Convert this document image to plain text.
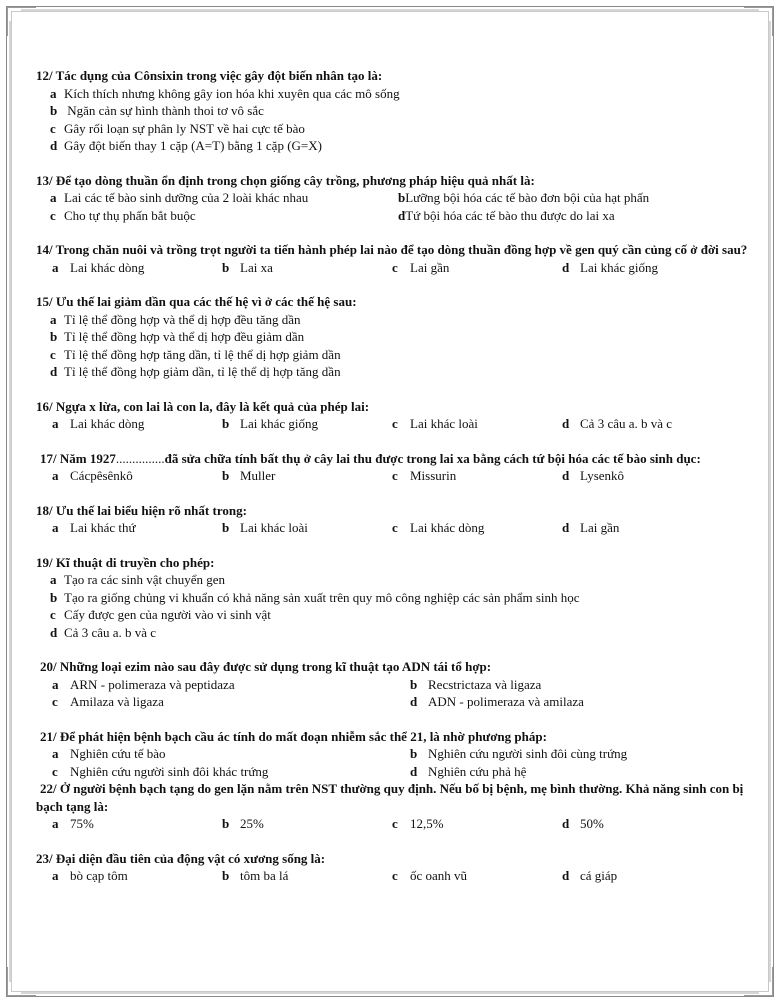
12/ Tác dụng của Cônsixin trong việc gây đột biến nhân tạo là:
a Kích thích nhưng không gây ion hóa khi xuyên qua các mô sống
b Ngăn cản sự hình thành thoi tơ vô sắc
c Gây rối loạn sự phân ly NST về hai cực tế bào
d Gây đột biến thay 1 cặp (A=T) bằng 1 cặp (G=X)
13/ Để tạo dòng thuần ổn định trong chọn giống cây trồng, phương pháp hiệu quả nhất là:
a Lai các tế bào sinh dưỡng của 2 loài khác nhau	b Lưỡng bội hóa các tế bào đơn bội của hạt phấn
c Cho tự thụ phấn bắt buộc	d Tứ bội hóa các tế bào thu được do lai xa
14/ Trong chăn nuôi và trồng trọt người ta tiến hành phép lai nào để tạo dòng thuần đồng hợp về gen quý cần củng cố ở đời sau?
a Lai khác dòng	b Lai xa	c Lai gần	d Lai khác giống
15/ Ưu thế lai giảm dần qua các thế hệ vì ở các thế hệ sau:
a Tỉ lệ thể đồng hợp và thể dị hợp đều tăng dần
b Tỉ lệ thể đồng hợp và thể dị hợp đều giảm dần
c Tỉ lệ thể đồng hợp tăng dần, tỉ lệ thể dị hợp giảm dần
d Tỉ lệ thể đồng hợp giảm dần, tỉ lệ thể dị hợp tăng dần
16/ Ngựa x lừa, con lai là con la, đây là kết quả của phép lai:
a Lai khác dòng	b Lai khác giống	c Lai khác loài	d Cả 3 câu a. b và c
17/ Năm 1927...............đã sửa chữa tính bất thụ ở cây lai thu được trong lai xa bằng cách tứ bội hóa các tế bào sinh dục:
a Cácpêsênkô	b Muller	c Missurin	d Lysenkô
18/ Ưu thế lai biểu hiện rõ nhất trong:
a Lai khác thứ	b Lai khác loài	c Lai khác dòng	d Lai gần
19/ Kĩ thuật di truyền cho phép:
a Tạo ra các sinh vật chuyển gen
b Tạo ra giống chủng vi khuẩn có khả năng sản xuất trên quy mô công nghiệp các sản phẩm sinh học
c Cấy được gen của người vào vi sinh vật
d Cả 3 câu a. b và c
20/ Những loại ezim nào sau đây được sử dụng trong kĩ thuật tạo ADN tái tổ hợp:
a ARN - polimeraza và peptidaza	b Recstrictaza và ligaza
c Amilaza và ligaza	d ADN - polimeraza và amilaza
21/ Để phát hiện bệnh bạch cầu ác tính do mất đoạn nhiễm sắc thể 21, là nhờ phương pháp:
a Nghiên cứu tế bào	b Nghiên cứu người sinh đôi cùng trứng
c Nghiên cứu người sinh đôi khác trứng	d Nghiên cứu phả hệ
22/ Ở người bệnh bạch tạng do gen lặn nằm trên NST thường quy định. Nếu bố bị bệnh, mẹ bình thường. Khả năng sinh con bị bạch tạng là:
a 75%	b 25%	c 12,5%	d 50%
23/ Đại diện đầu tiên của động vật có xương sống là:
a bò cạp tôm	b tôm ba lá	c ốc oanh vũ	d cá giáp
